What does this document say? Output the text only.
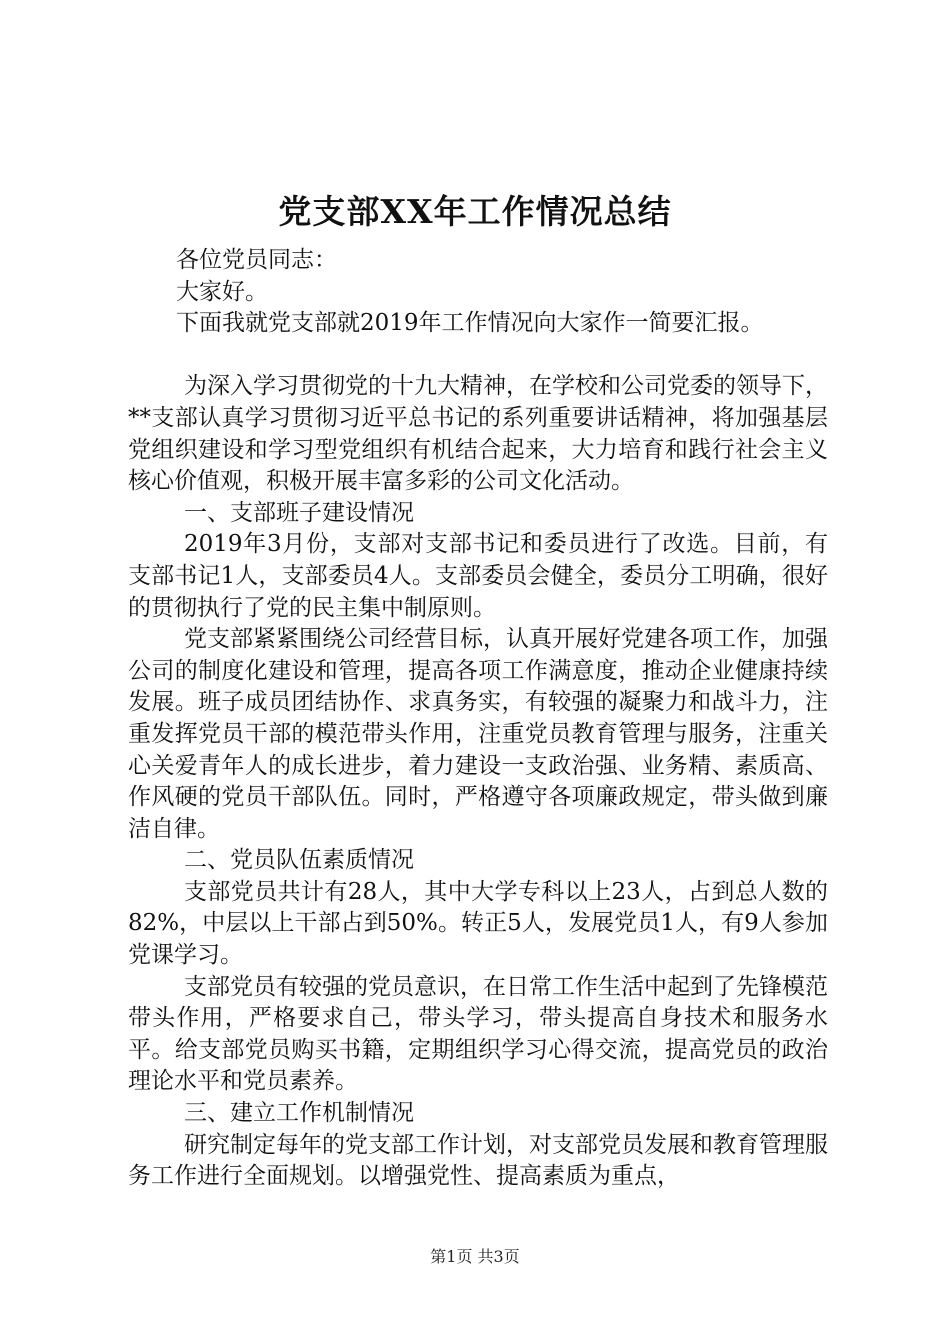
党支部XX年工作情况总结

各位党员同志：

大家好。

下面我就党支部就2019年工作情况向大家作一简要汇报。

为深入学习贯彻党的十九大精神，在学校和公司党委的领导下，**支部认真学习贯彻习近平总书记的系列重要讲话精神，将加强基层党组织建设和学习型党组织有机结合起来，大力培育和践行社会主义核心价值观，积极开展丰富多彩的公司文化活动。

一、支部班子建设情况

2019年3月份，支部对支部书记和委员进行了改选。目前，有支部书记1人，支部委员4人。支部委员会健全，委员分工明确，很好的贯彻执行了党的民主集中制原则。

党支部紧紧围绕公司经营目标，认真开展好党建各项工作，加强公司的制度化建设和管理，提高各项工作满意度，推动企业健康持续发展。班子成员团结协作、求真务实，有较强的凝聚力和战斗力，注重发挥党员干部的模范带头作用，注重党员教育管理与服务，注重关心关爱青年人的成长进步，着力建设一支政治强、业务精、素质高、作风硬的党员干部队伍。同时，严格遵守各项廉政规定，带头做到廉洁自律。

二、党员队伍素质情况

支部党员共计有28人，其中大学专科以上23人，占到总人数的82%，中层以上干部占到50%。转正5人，发展党员1人，有9人参加党课学习。

支部党员有较强的党员意识，在日常工作生活中起到了先锋模范带头作用，严格要求自己，带头学习，带头提高自身技术和服务水平。给支部党员购买书籍，定期组织学习心得交流，提高党员的政治理论水平和党员素养。

三、建立工作机制情况

研究制定每年的党支部工作计划，对支部党员发展和教育管理服务工作进行全面规划。以增强党性、提高素质为重点，

第1页 共3页
